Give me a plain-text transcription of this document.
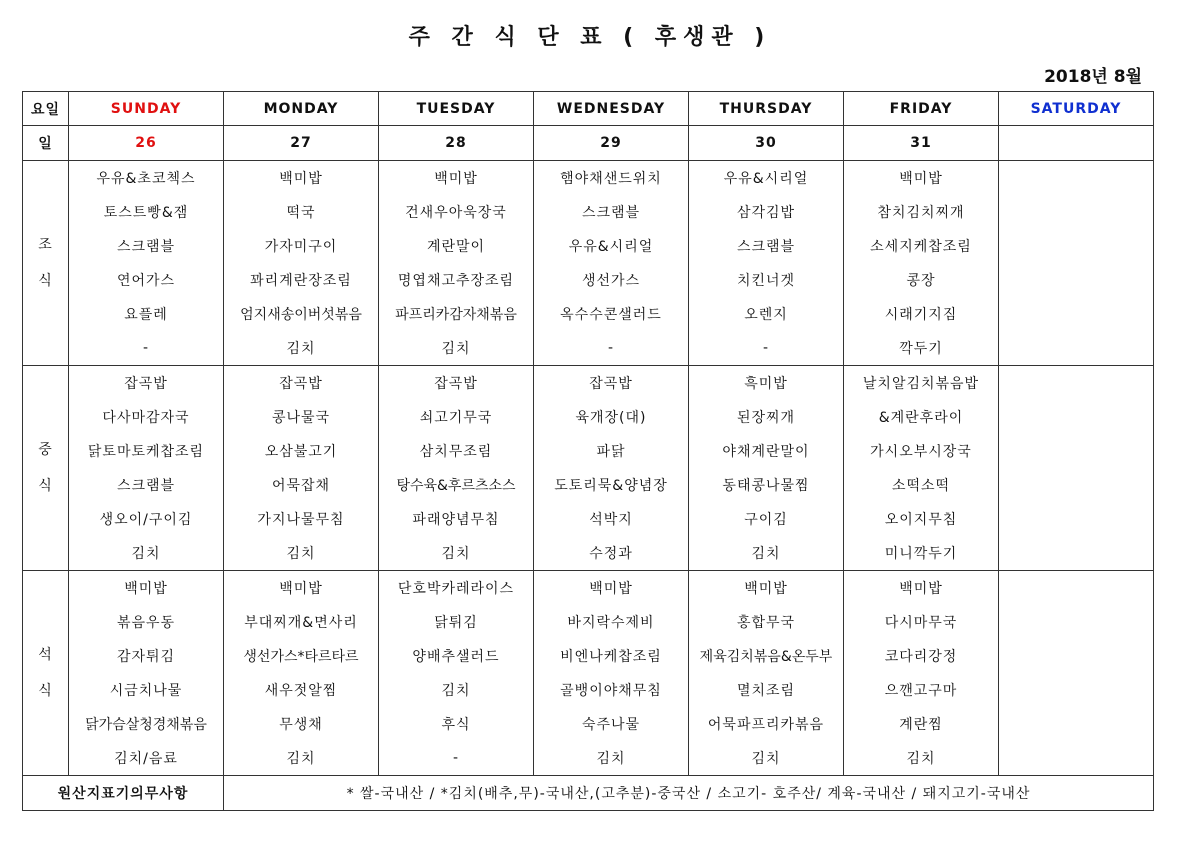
주 간 식 단 표 ( 후생관 )
2018년 8월
요일	SUNDAY	MONDAY	TUESDAY	WEDNESDAY	THURSDAY	FRIDAY	SATURDAY
일	26	27	28	29	30	31	

조
식	우유&초코첵스	백미밥	백미밥	햄야채샌드위치	우유&시리얼	백미밥	
	토스트빵&잼	떡국	건새우아욱장국	스크램블	삼각김밥	참치김치찌개	
	스크램블	가자미구이	계란말이	우유&시리얼	스크램블	소세지케찹조림	
	연어가스	꽈리계란장조림	명엽채고추장조림	생선가스	치킨너겟	콩장	
	요플레	엄지새송이버섯볶음	파프리카감자채볶음	옥수수콘샐러드	오렌지	시래기지짐	
	-	김치	김치	-	-	깍두기	

중
식	잡곡밥	잡곡밥	잡곡밥	잡곡밥	흑미밥	날치알김치볶음밥	
	다사마감자국	콩나물국	쇠고기무국	육개장(대)	된장찌개	&계란후라이	
	닭토마토케찹조림	오삼불고기	삼치무조림	파닭	야채계란말이	가시오부시장국	
	스크램블	어묵잡채	탕수육&후르츠소스	도토리묵&양념장	동태콩나물찜	소떡소떡	
	생오이/구이김	가지나물무침	파래양념무침	석박지	구이김	오이지무침	
	김치	김치	김치	수정과	김치	미니깍두기	

석
식	백미밥	백미밥	단호박카레라이스	백미밥	백미밥	백미밥	
	볶음우동	부대찌개&면사리	닭튀김	바지락수제비	홍합무국	다시마무국	
	감자튀김	생선가스*타르타르	양배추샐러드	비엔나케찹조림	제육김치볶음&온두부	코다리강정	
	시금치나물	새우젓알찜	김치	골뱅이야채무침	멸치조림	으깬고구마	
	닭가슴살청경채볶음	무생채	후식	숙주나물	어묵파프리카볶음	계란찜	
	김치/음료	김치	-	김치	김치	김치	
원산지표기의무사항		* 쌀-국내산 / *김치(배추,무)-국내산,(고추분)-중국산 / 소고기- 호주산/ 계육-국내산 / 돼지고기-국내산					
